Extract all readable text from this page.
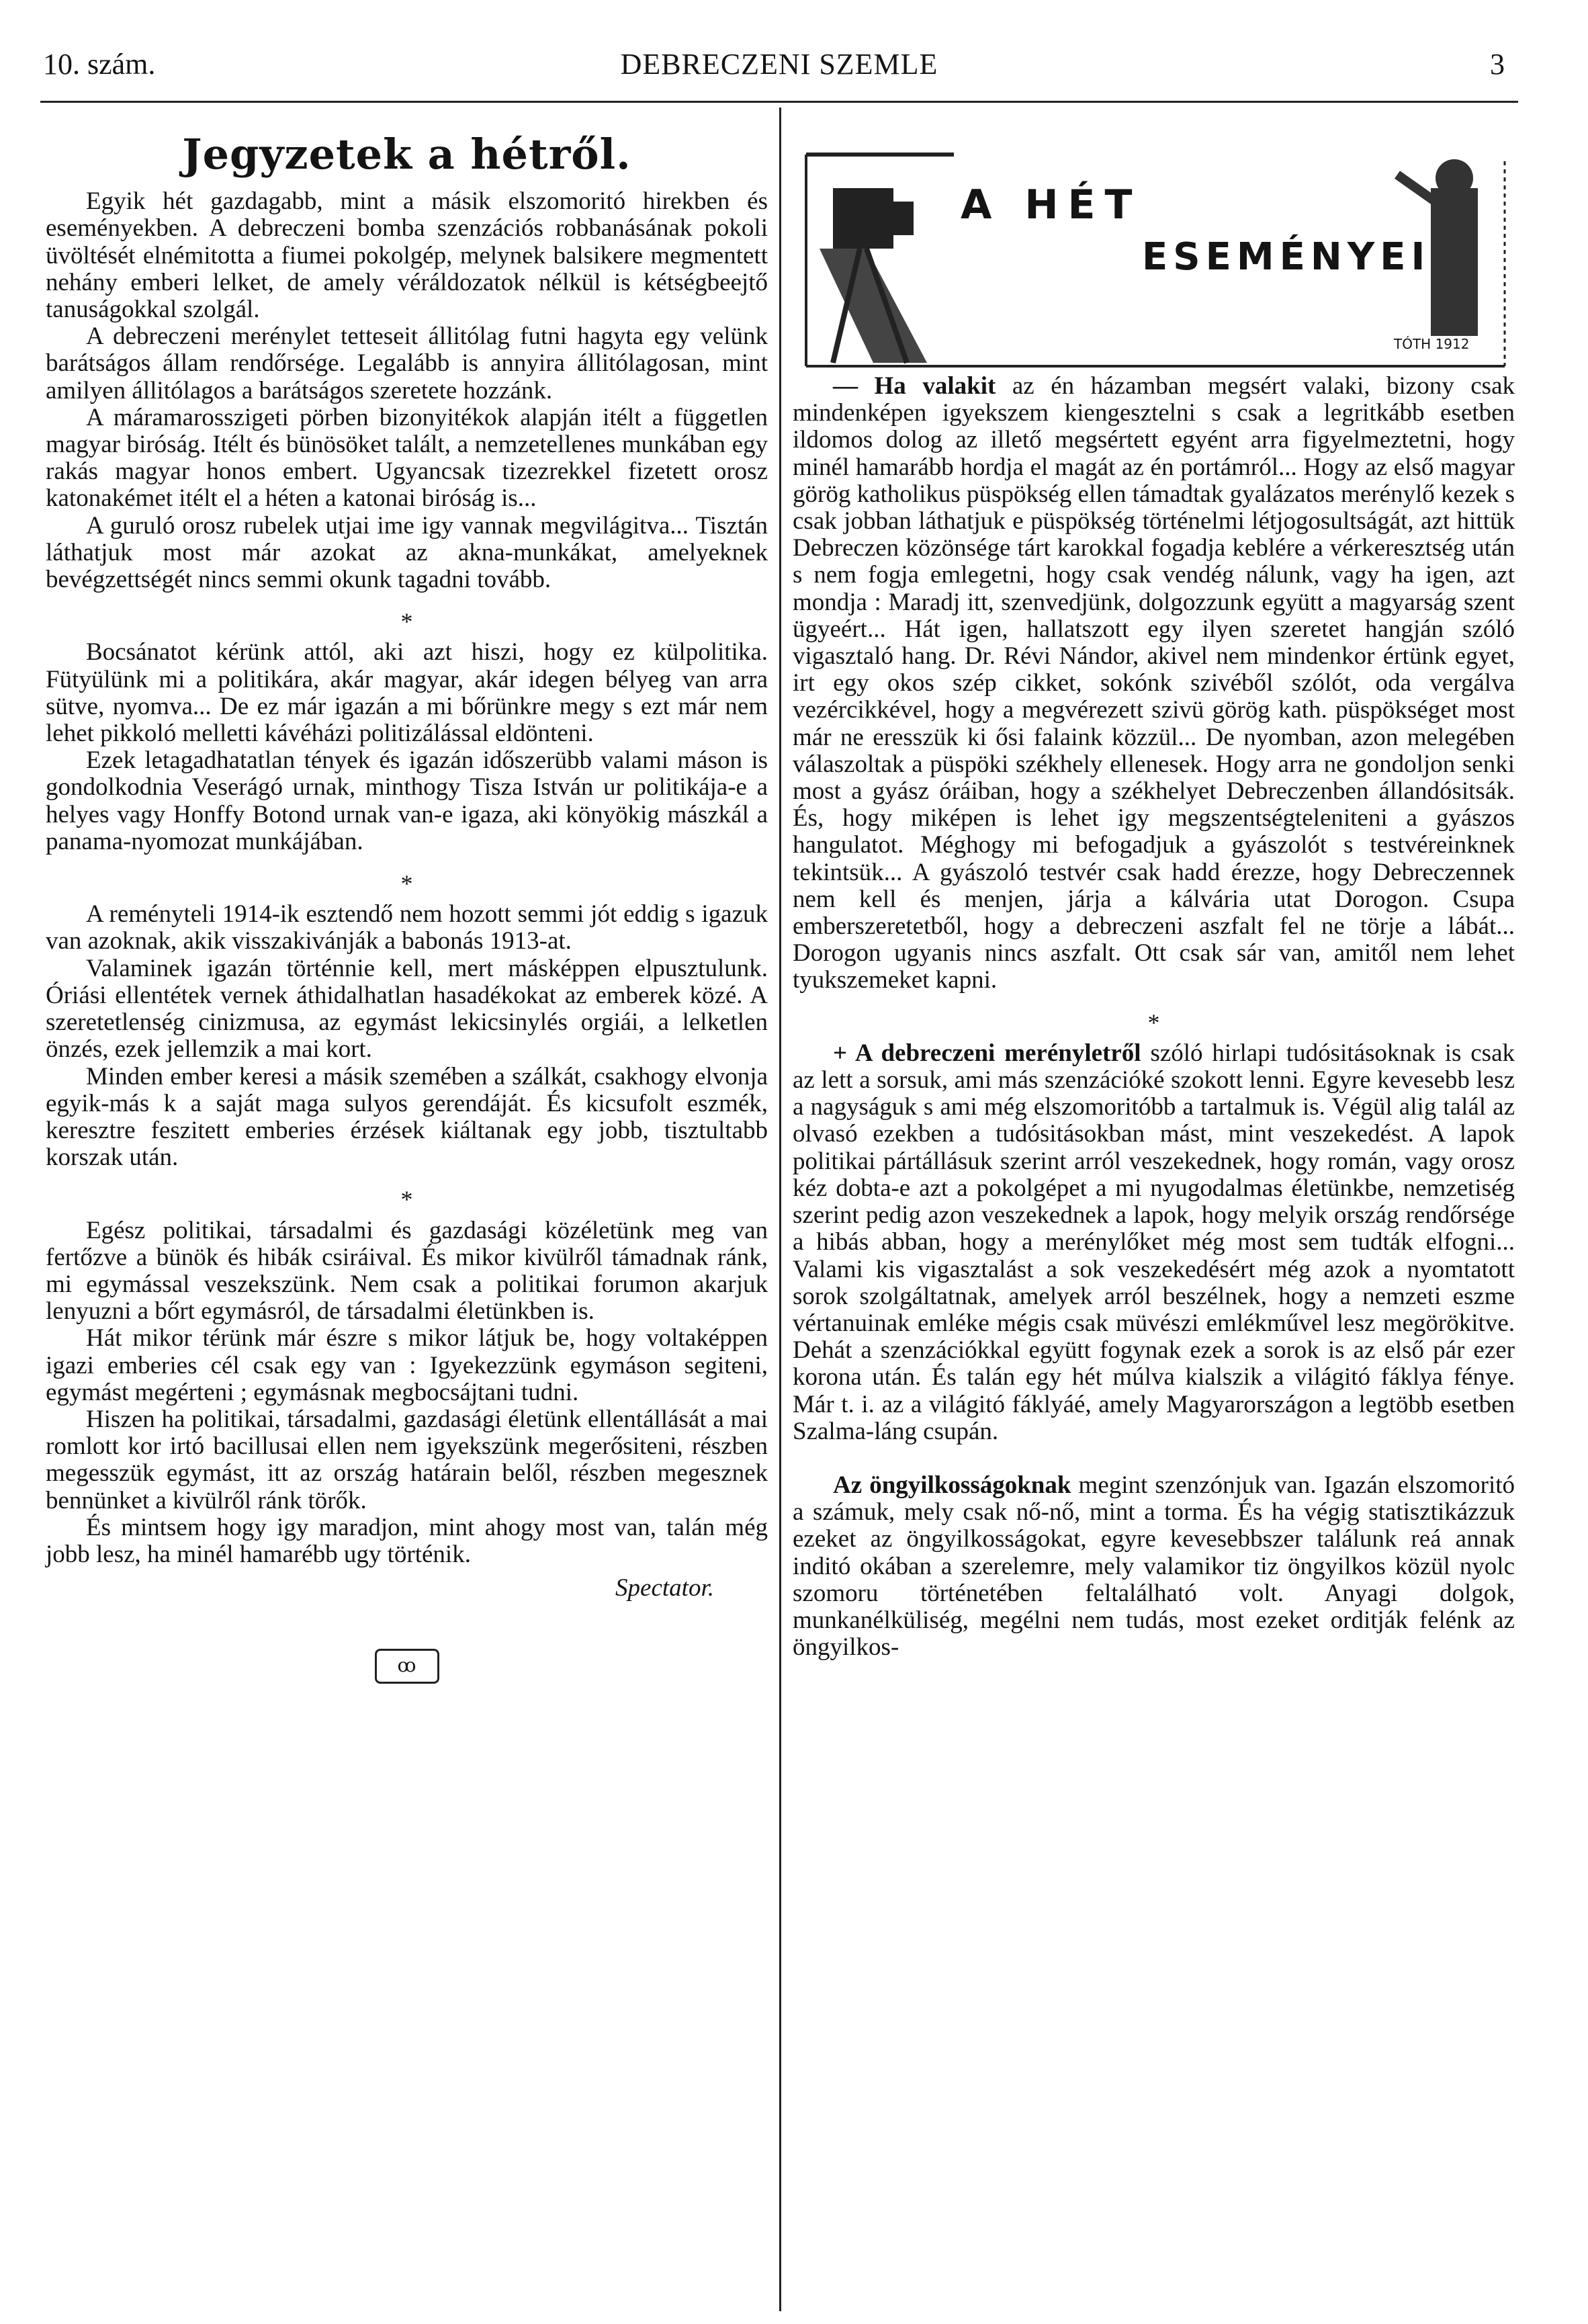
10. szám.	DEBRECZENI SZEMLE	3
Jegyzetek a hétről.

Egyik hét gazdagabb, mint a másik elszomoritó hirekben és eseményekben. A debreczeni bomba szenzációs robbanásának pokoli üvöltését elnémitotta a fiumei pokolgép, melynek balsikere megmentett nehány emberi lelket, de amely véráldozatok nélkül is kétségbeejtő tanuságokkal szolgál.

A debreczeni merénylet tetteseit állitólag futni hagyta egy velünk barátságos állam rendőrsége. Legalább is annyira állitólagosan, mint amilyen állitólagos a barátságos szeretete hozzánk.

A máramarosszigeti pörben bizonyitékok alapján itélt a független magyar biróság. Itélt és bünösöket talált, a nemzetellenes munkában egy rakás magyar honos embert. Ugyancsak tizezrekkel fizetett orosz katonakémet itélt el a héten a katonai biróság is...

A guruló orosz rubelek utjai ime igy vannak megvilágitva... Tisztán láthatjuk most már azokat az akna-munkákat, amelyeknek bevégzettségét nincs semmi okunk tagadni tovább.

*

Bocsánatot kérünk attól, aki azt hiszi, hogy ez külpolitika. Fütyülünk mi a politikára, akár magyar, akár idegen bélyeg van arra sütve, nyomva... De ez már igazán a mi bőrünkre megy s ezt már nem lehet pikkoló melletti kávéházi politizálással eldönteni.

Ezek letagadhatatlan tények és igazán időszerübb valami máson is gondolkodnia Veserágó urnak, minthogy Tisza István ur politikája-e a helyes vagy Honffy Botond urnak van-e igaza, aki könyökig mászkál a panama-nyomozat munkájában.

*

A reményteli 1914-ik esztendő nem hozott semmi jót eddig s igazuk van azoknak, akik visszakivánják a babonás 1913-at.

Valaminek igazán történnie kell, mert másképpen elpusztulunk. Óriási ellentétek vernek áthidalhatlan hasadékokat az emberek közé. A szeretetlenség cinizmusa, az egymást lekicsinylés orgiái, a lelketlen önzés, ezek jellemzik a mai kort.

Minden ember keresi a másik szemében a szálkát, csakhogy elvonja egyik-más k a saját maga sulyos gerendáját. És kicsufolt eszmék, keresztre feszitett emberies érzések kiáltanak egy jobb, tisztultabb korszak után.

*

Egész politikai, társadalmi és gazdasági közéletünk meg van fertőzve a bünök és hibák csiráival. És mikor kivülről támadnak ránk, mi egymással veszekszünk. Nem csak a politikai forumon akarjuk lenyuzni a bőrt egymásról, de társadalmi életünkben is.

Hát mikor térünk már észre s mikor látjuk be, hogy voltaképpen igazi emberies cél csak egy van : Igyekezzünk egymáson segiteni, egymást megérteni ; egymásnak megbocsájtani tudni.

Hiszen ha politikai, társadalmi, gazdasági életünk ellentállását a mai romlott kor irtó bacillusai ellen nem igyekszünk megerősiteni, részben megesszük egymást, itt az ország határain belől, részben megesznek bennünket a kivülről ránk törők.

És mintsem hogy igy maradjon, mint ahogy most van, talán még jobb lesz, ha minél hamarébb ugy történik.

Spectator.

ꝏ
A HÉT
ESEMÉNYEI
TÓTH 1912

— Ha valakit az én házamban megsért valaki, bizony csak mindenképen igyekszem kiengesztelni s csak a legritkább esetben ildomos dolog az illető megsértett egyént arra figyelmeztetni, hogy minél hamarább hordja el magát az én portámról... Hogy az első magyar görög katholikus püspökség ellen támadtak gyalázatos merénylő kezek s csak jobban láthatjuk e püspökség történelmi létjogosultságát, azt hittük Debreczen közönsége tárt karokkal fogadja keblére a vérkeresztség után s nem fogja emlegetni, hogy csak vendég nálunk, vagy ha igen, azt mondja : Maradj itt, szenvedjünk, dolgozzunk együtt a magyarság szent ügyeért... Hát igen, hallatszott egy ilyen szeretet hangján szóló vigasztaló hang. Dr. Révi Nándor, akivel nem mindenkor értünk egyet, irt egy okos szép cikket, sokónk szivéből szólót, oda vergálva vezércikkével, hogy a megvérezett szivü görög kath. püspökséget most már ne eresszük ki ősi falaink közzül... De nyomban, azon melegében válaszoltak a püspöki székhely ellenesek. Hogy arra ne gondoljon senki most a gyász óráiban, hogy a székhelyet Debreczenben állandósitsák. És, hogy miképen is lehet igy megszentségteleniteni a gyászos hangulatot. Méghogy mi befogadjuk a gyászolót s testvéreinknek tekintsük... A gyászoló testvér csak hadd érezze, hogy Debreczennek nem kell és menjen, járja a kálvária utat Dorogon. Csupa emberszeretetből, hogy a debreczeni aszfalt fel ne törje a lábát... Dorogon ugyanis nincs aszfalt. Ott csak sár van, amitől nem lehet tyukszemeket kapni.

*

+ A debreczeni merényletről szóló hirlapi tudósitásoknak is csak az lett a sorsuk, ami más szenzációké szokott lenni. Egyre kevesebb lesz a nagyságuk s ami még elszomoritóbb a tartalmuk is. Végül alig talál az olvasó ezekben a tudósitásokban mást, mint veszekedést. A lapok politikai pártállásuk szerint arról veszekednek, hogy román, vagy orosz kéz dobta-e azt a pokolgépet a mi nyugodalmas életünkbe, nemzetiség szerint pedig azon veszekednek a lapok, hogy melyik ország rendőrsége a hibás abban, hogy a merénylőket még most sem tudták elfogni... Valami kis vigasztalást a sok veszekedésért még azok a nyomtatott sorok szolgáltatnak, amelyek arról beszélnek, hogy a nemzeti eszme vértanuinak emléke mégis csak müvészi emlékművel lesz megörökitve. Dehát a szenzációkkal együtt fogynak ezek a sorok is az első pár ezer korona után. És talán egy hét múlva kialszik a világitó fáklya fénye. Már t. i. az a világitó fáklyáé, amely Magyarországon a legtöbb esetben Szalma-láng csupán.

Az öngyilkosságoknak megint szenzónjuk van. Igazán elszomoritó a számuk, mely csak nő-nő, mint a torma. És ha végig statisztikázzuk ezeket az öngyilkosságokat, egyre kevesebbszer találunk reá annak inditó okában a szerelemre, mely valamikor tiz öngyilkos közül nyolc szomoru történetében feltalálható volt. Anyagi dolgok, munkanélküliség, megélni nem tudás, most ezeket orditják felénk az öngyilkos-
